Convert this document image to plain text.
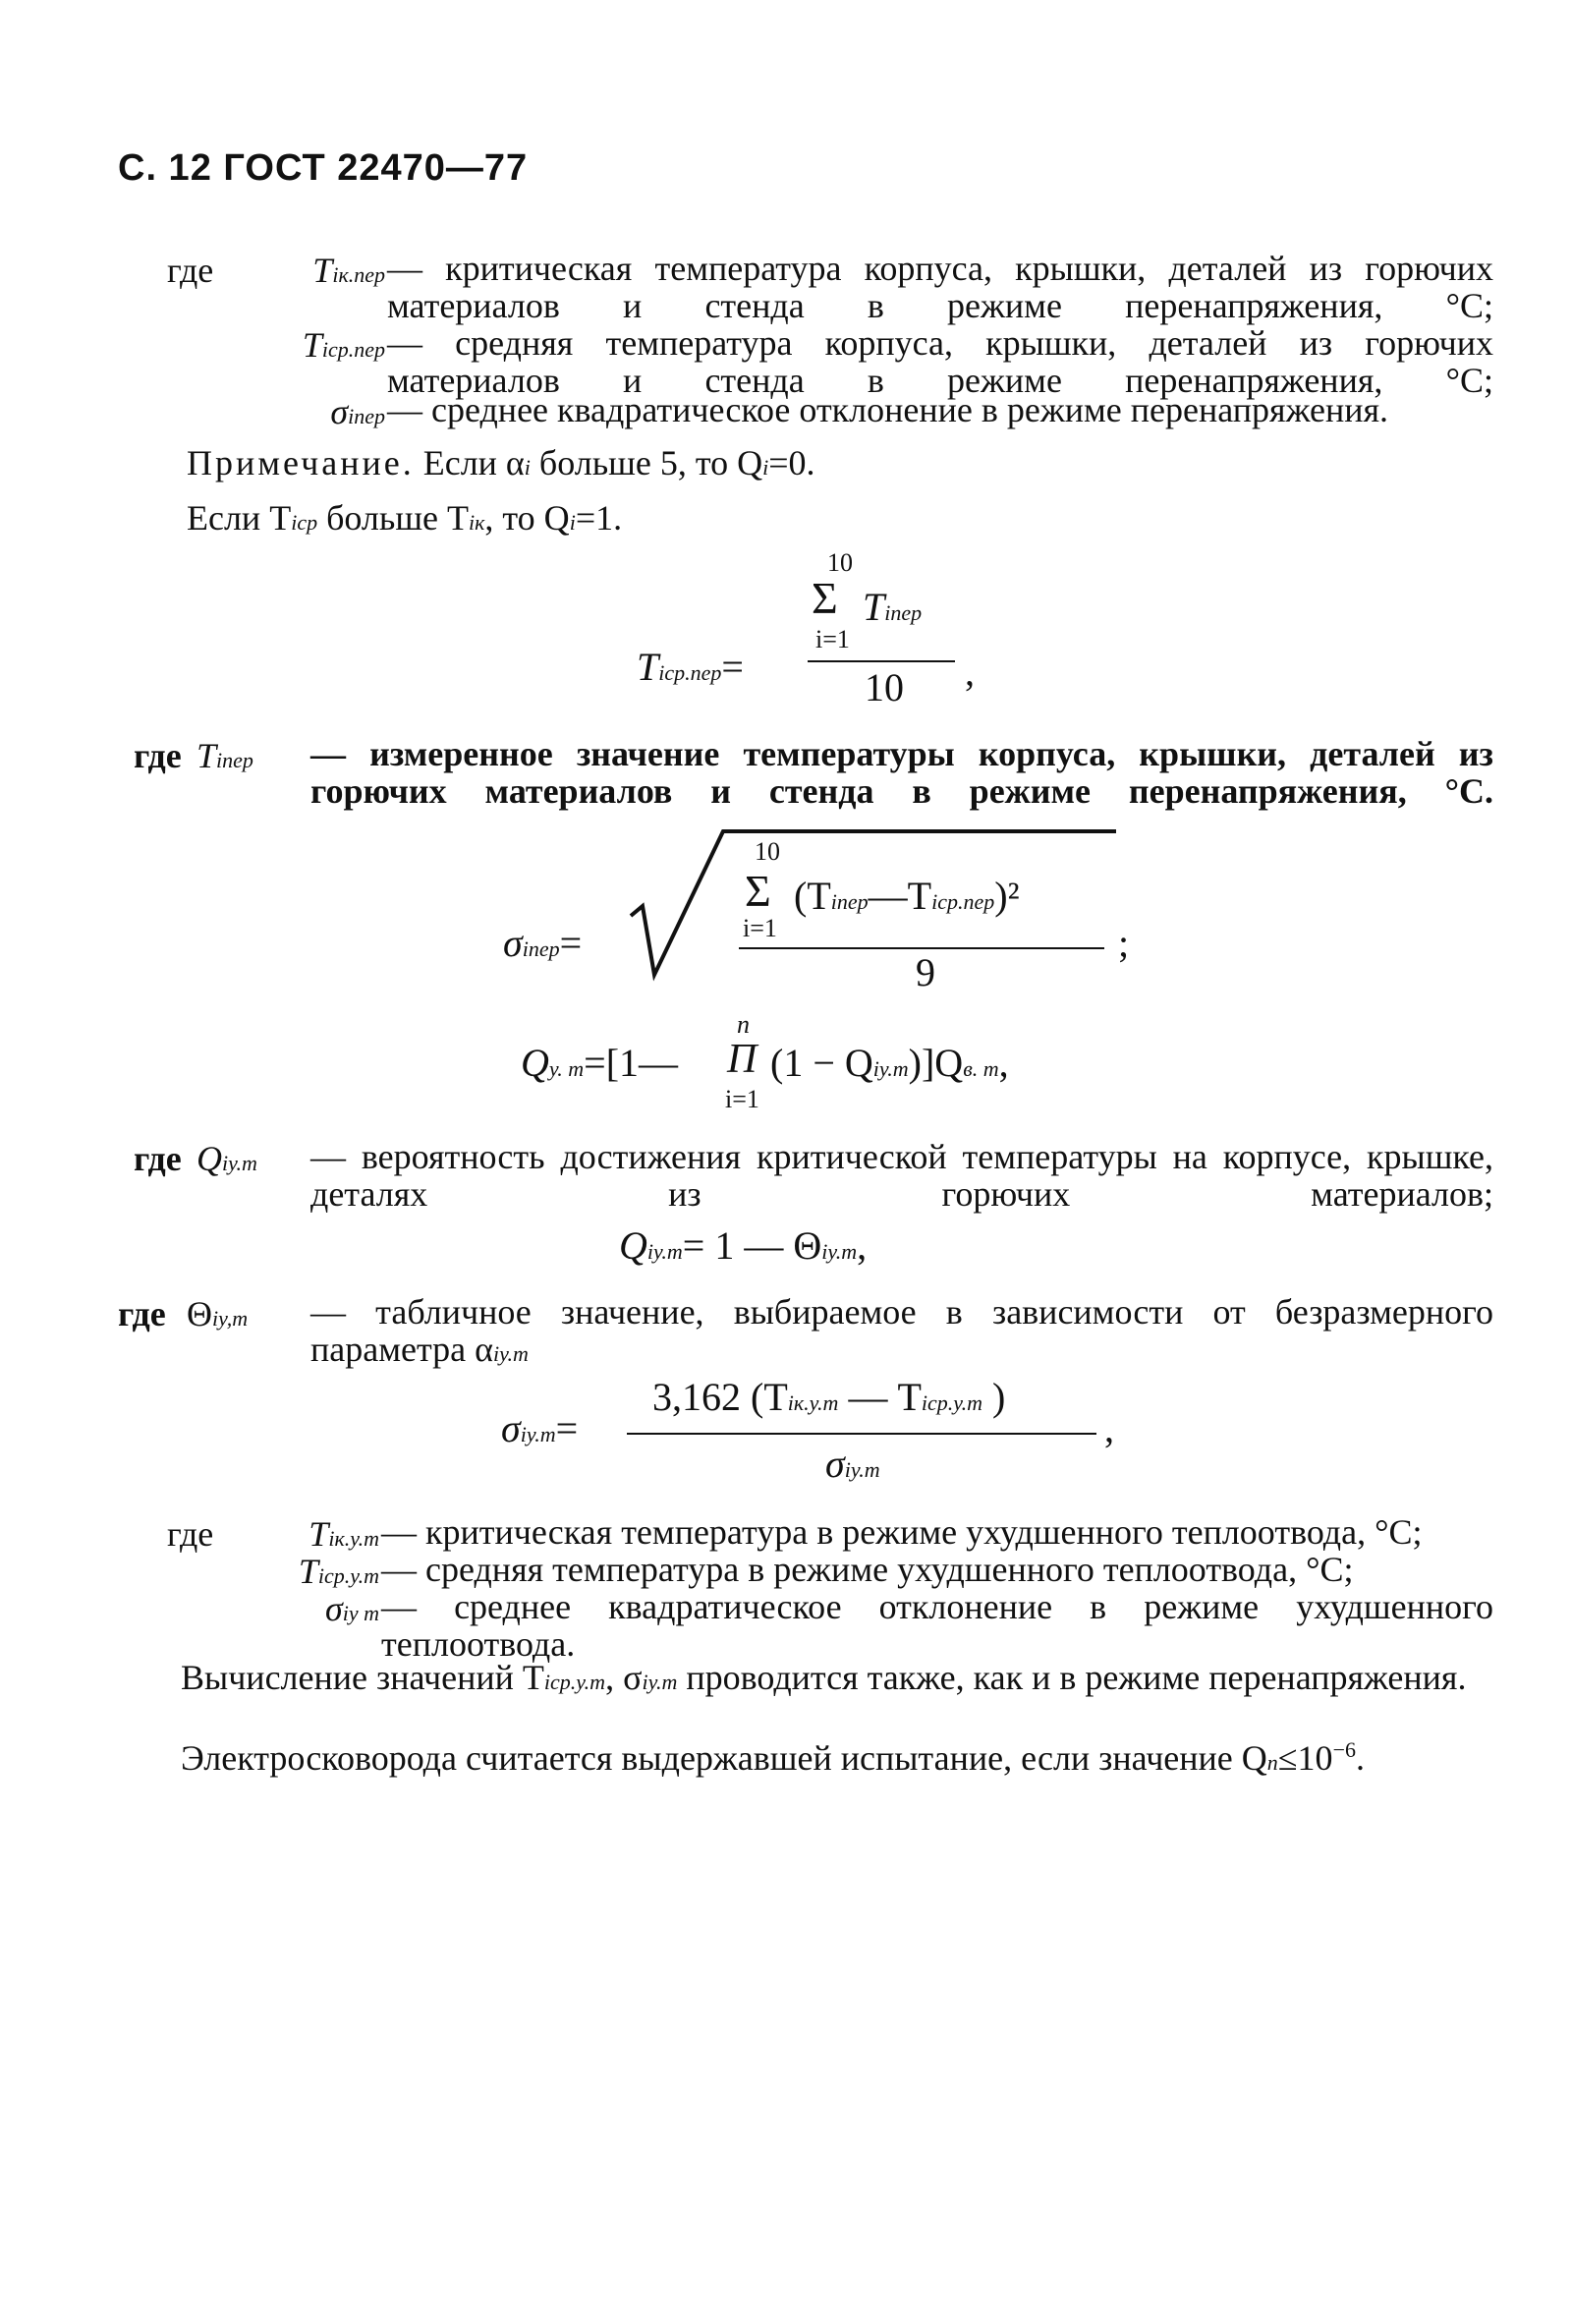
С. 12 ГОСТ 22470—77
где	Tiк.пер — критическая температура корпуса, крышки, деталей из горючих материалов и стенда в режиме перенапряжения, °С;
Tiср.пер — средняя температура корпуса, крышки, деталей из горючих материалов и стенда в режиме перенапряжения, °С;
σiпер — среднее квадратическое отклонение в режиме перенапряжения.
Примечание. Если αi больше 5, то Qi=0.
Если Tiср больше Tiк, то Qi=1.
Tiср.пер=
10
Σ Tiпер
i=1
10 ,
где Tiпер — измеренное значение температуры корпуса, крышки, деталей из горючих материалов и стенда в режиме перенапряжения, °С.
σiпер=
10
Σ (Tiпер—Tiср.пер)²
i=1
9
;
Qу. т=[1—
n
Π
i=1
(1 − Qiу.т)]Qв. т,
где Qiу.т — вероятность достижения критической температуры на корпусе, крышке, деталях из горючих материалов;
Qiу.т= 1 — Θiу.т,
где Θiу,т — табличное значение, выбираемое в зависимости от безразмерного параметра αiу.т
σiу.т=
3,162 (Tiк.у.т — Tiср.у.т )
σiу.т
,
где	Tiк.у.т — критическая температура в режиме ухудшенного теплоотвода, °С;
Tiср.у.т — средняя температура в режиме ухудшенного теплоотвода, °С;
σiу т — среднее квадратическое отклонение в режиме ухудшенного теплоотвода.
Вычисление значений Tiср.у.т, σiу.т проводится также, как и в режиме перенапряжения.
Электросковорода считается выдержавшей испытание, если значение $Qп\le 10^{-6}$.
